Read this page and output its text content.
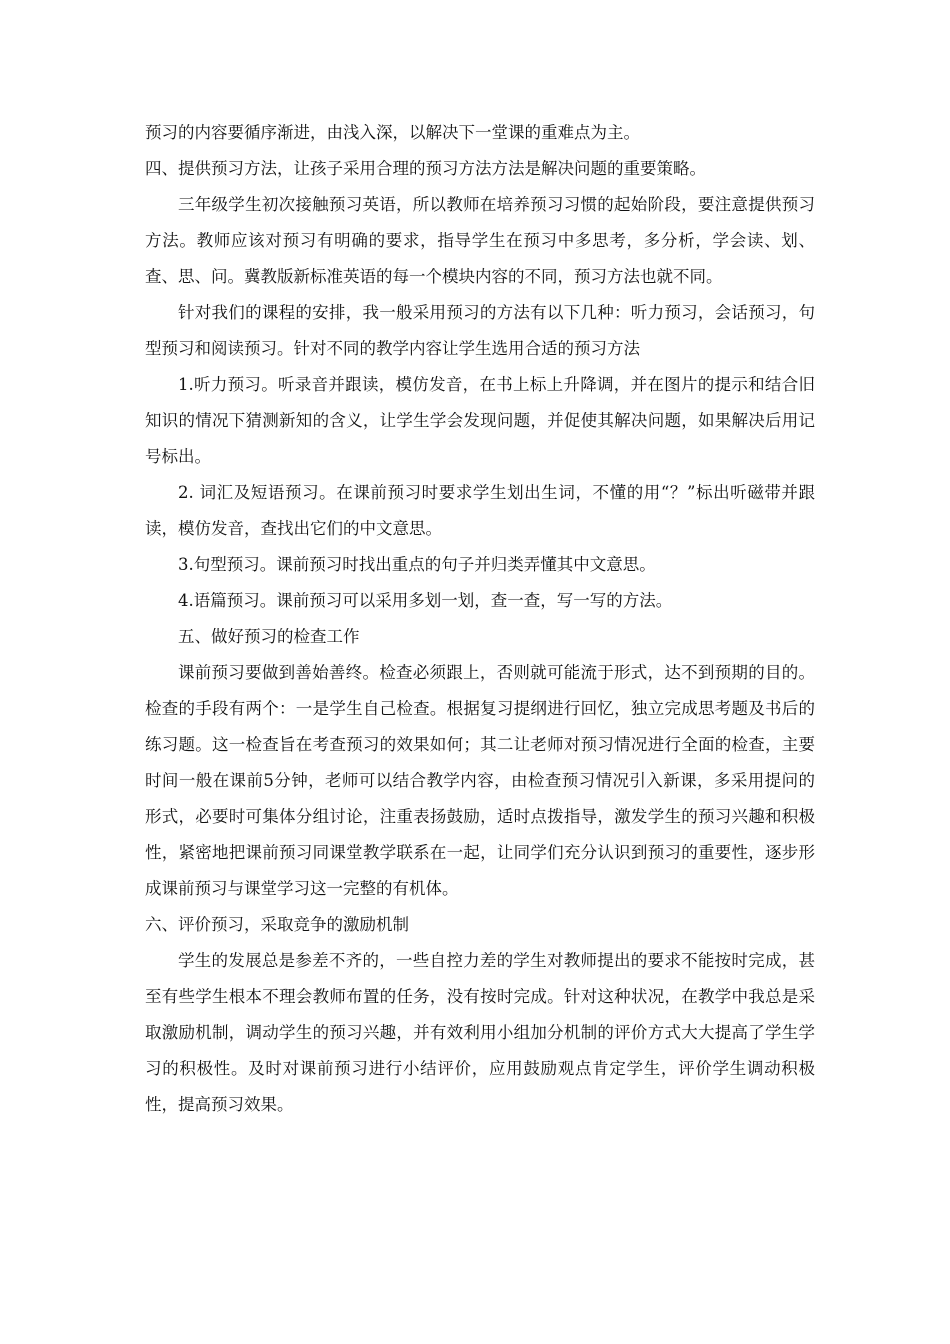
预习的内容要循序渐进，由浅入深，以解决下一堂课的重难点为主。

四、提供预习方法，让孩子采用合理的预习方法方法是解决问题的重要策略。

三年级学生初次接触预习英语，所以教师在培养预习习惯的起始阶段，要注意提供预习方法。教师应该对预习有明确的要求，指导学生在预习中多思考，多分析，学会读、划、查、思、问。冀教版新标准英语的每一个模块内容的不同，预习方法也就不同。

针对我们的课程的安排，我一般采用预习的方法有以下几种：听力预习，会话预习，句型预习和阅读预习。针对不同的教学内容让学生选用合适的预习方法

1.听力预习。听录音并跟读，模仿发音，在书上标上升降调，并在图片的提示和结合旧知识的情况下猜测新知的含义，让学生学会发现问题，并促使其解决问题，如果解决后用记号标出。

2. 词汇及短语预习。在课前预习时要求学生划出生词，不懂的用“？”标出听磁带并跟读，模仿发音，查找出它们的中文意思。

3.句型预习。课前预习时找出重点的句子并归类弄懂其中文意思。

4.语篇预习。课前预习可以采用多划一划，查一查，写一写的方法。

五、做好预习的检查工作

课前预习要做到善始善终。检查必须跟上，否则就可能流于形式，达不到预期的目的。检查的手段有两个：一是学生自己检查。根据复习提纲进行回忆，独立完成思考题及书后的练习题。这一检查旨在考查预习的效果如何；其二让老师对预习情况进行全面的检查，主要时间一般在课前5分钟，老师可以结合教学内容，由检查预习情况引入新课，多采用提问的形式，必要时可集体分组讨论，注重表扬鼓励，适时点拨指导，激发学生的预习兴趣和积极性，紧密地把课前预习同课堂教学联系在一起，让同学们充分认识到预习的重要性，逐步形成课前预习与课堂学习这一完整的有机体。

六、评价预习，采取竞争的激励机制

学生的发展总是参差不齐的，一些自控力差的学生对教师提出的要求不能按时完成，甚至有些学生根本不理会教师布置的任务，没有按时完成。针对这种状况，在教学中我总是采取激励机制，调动学生的预习兴趣，并有效利用小组加分机制的评价方式大大提高了学生学习的积极性。及时对课前预习进行小结评价，应用鼓励观点肯定学生，评价学生调动积极性，提高预习效果。
